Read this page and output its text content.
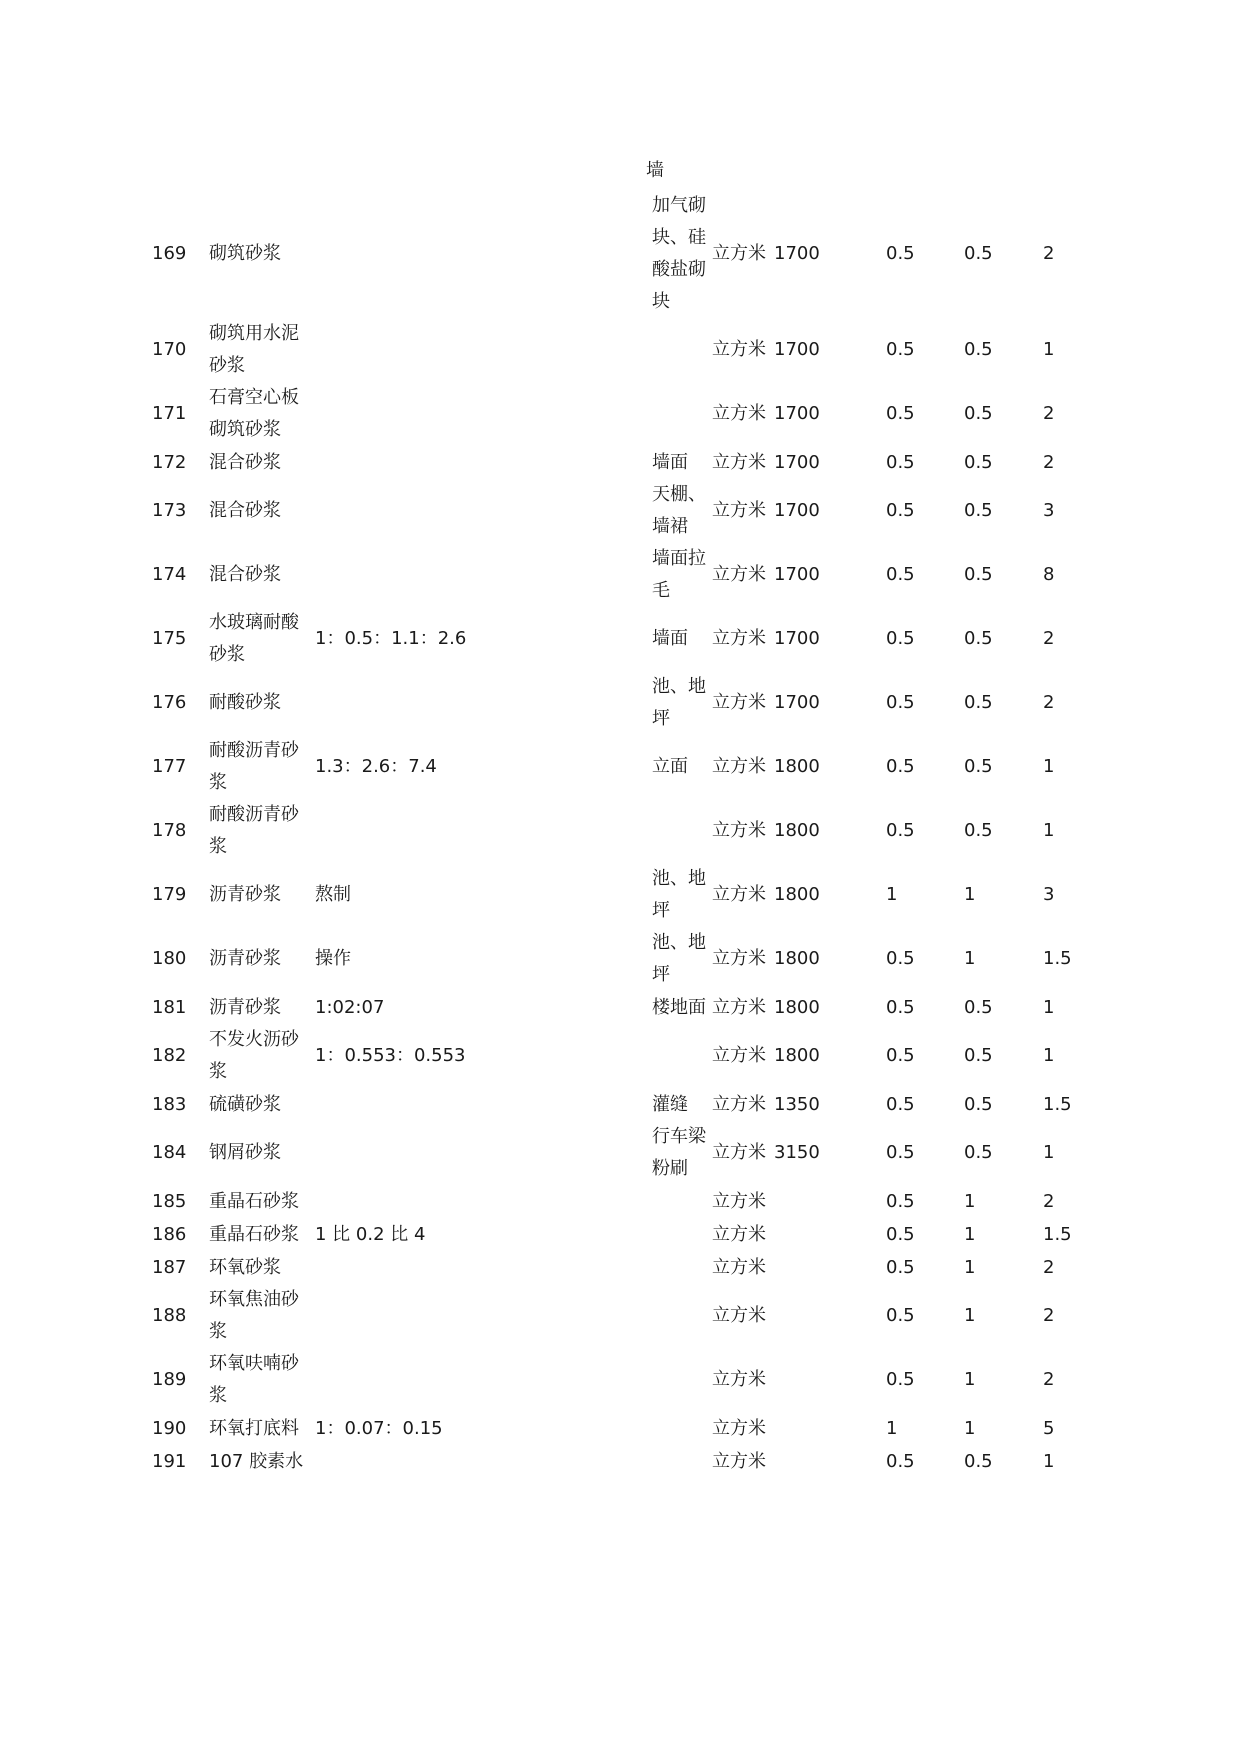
墙
169	砌筑砂浆		加气砌块、硅酸盐砌块	立方米	1700	0.5	0.5	2
170	砌筑用水泥砂浆			立方米	1700	0.5	0.5	1
171	石膏空心板砌筑砂浆			立方米	1700	0.5	0.5	2
172	混合砂浆		墙面	立方米	1700	0.5	0.5	2
173	混合砂浆		天棚、墙裙	立方米	1700	0.5	0.5	3
174	混合砂浆		墙面拉毛	立方米	1700	0.5	0.5	8
175	水玻璃耐酸砂浆	1：0.5：1.1：2.6	墙面	立方米	1700	0.5	0.5	2
176	耐酸砂浆		池、地坪	立方米	1700	0.5	0.5	2
177	耐酸沥青砂浆	1.3：2.6：7.4	立面	立方米	1800	0.5	0.5	1
178	耐酸沥青砂浆			立方米	1800	0.5	0.5	1
179	沥青砂浆	熬制	池、地坪	立方米	1800	1	1	3
180	沥青砂浆	操作	池、地坪	立方米	1800	0.5	1	1.5
181	沥青砂浆	1:02:07	楼地面	立方米	1800	0.5	0.5	1
182	不发火沥砂浆	1：0.553：0.553		立方米	1800	0.5	0.5	1
183	硫磺砂浆		灌缝	立方米	1350	0.5	0.5	1.5
184	钢屑砂浆		行车梁粉刷	立方米	3150	0.5	0.5	1
185	重晶石砂浆			立方米		0.5	1	2
186	重晶石砂浆	1 比 0.2 比 4		立方米		0.5	1	1.5
187	环氧砂浆			立方米		0.5	1	2
188	环氧焦油砂浆			立方米		0.5	1	2
189	环氧呋喃砂浆			立方米		0.5	1	2
190	环氧打底料	1：0.07：0.15		立方米		1	1	5
191	107 胶素水			立方米		0.5	0.5	1
